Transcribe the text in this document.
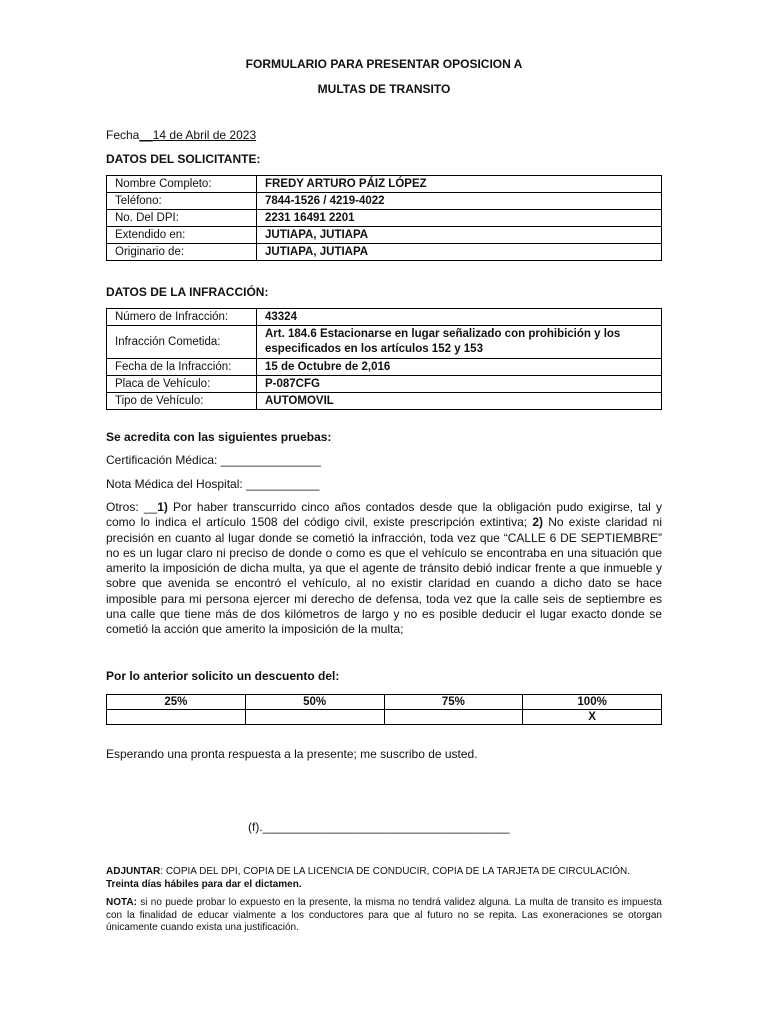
FORMULARIO PARA PRESENTAR OPOSICION A
MULTAS DE TRANSITO
Fecha__14 de Abril de 2023
DATOS DEL SOLICITANTE:
Nombre Completo:	FREDY ARTURO PÁIZ LÓPEZ
Teléfono:	7844-1526 / 4219-4022
No. Del DPI:	2231 16491 2201
Extendido en:	JUTIAPA, JUTIAPA
Originario de:	JUTIAPA, JUTIAPA
DATOS DE LA INFRACCIÓN:
Número de Infracción:	43324
Infracción Cometida:	Art. 184.6 Estacionarse en lugar señalizado con prohibición y los especificados en los artículos 152 y 153
Fecha de la Infracción:	15 de Octubre de 2,016
Placa de Vehículo:	P-087CFG
Tipo de Vehículo:	AUTOMOVIL
Se acredita con las siguientes pruebas:
Certificación Médica: _______________
Nota Médica del Hospital: ___________
Otros: __1) Por haber transcurrido cinco años contados desde que la obligación pudo exigirse, tal y como lo indica el artículo 1508 del código civil, existe prescripción extintiva; 2) No existe claridad ni precisión en cuanto al lugar donde se cometió la infracción, toda vez que “CALLE 6 DE SEPTIEMBRE” no es un lugar claro ni preciso de donde o como es que el vehículo se encontraba en una situación que amerito la imposición de dicha multa, ya que el agente de tránsito debió indicar frente a que inmueble y sobre que avenida se encontró el vehículo, al no existir claridad en cuando a dicho dato se hace imposible para mi persona ejercer mi derecho de defensa, toda vez que la calle seis de septiembre es una calle que tiene más de dos kilómetros de largo y no es posible deducir el lugar exacto donde se cometió la acción que amerito la imposición de la multa;
Por lo anterior solicito un descuento del:
25%	50%	75%	100%
			X
Esperando una pronta respuesta a la presente; me suscribo de usted.
(f)._____________________________________
ADJUNTAR: COPIA DEL DPI, COPIA DE LA LICENCIA DE CONDUCIR, COPIA DE LA TARJETA DE CIRCULACIÓN.
Treinta días hábiles para dar el dictamen.
NOTA: si no puede probar lo expuesto en la presente, la misma no tendrá validez alguna. La multa de transito es impuesta con la finalidad de educar vialmente a los conductores para que al futuro no se repita. Las exoneraciones se otorgan únicamente cuando exista una justificación.
